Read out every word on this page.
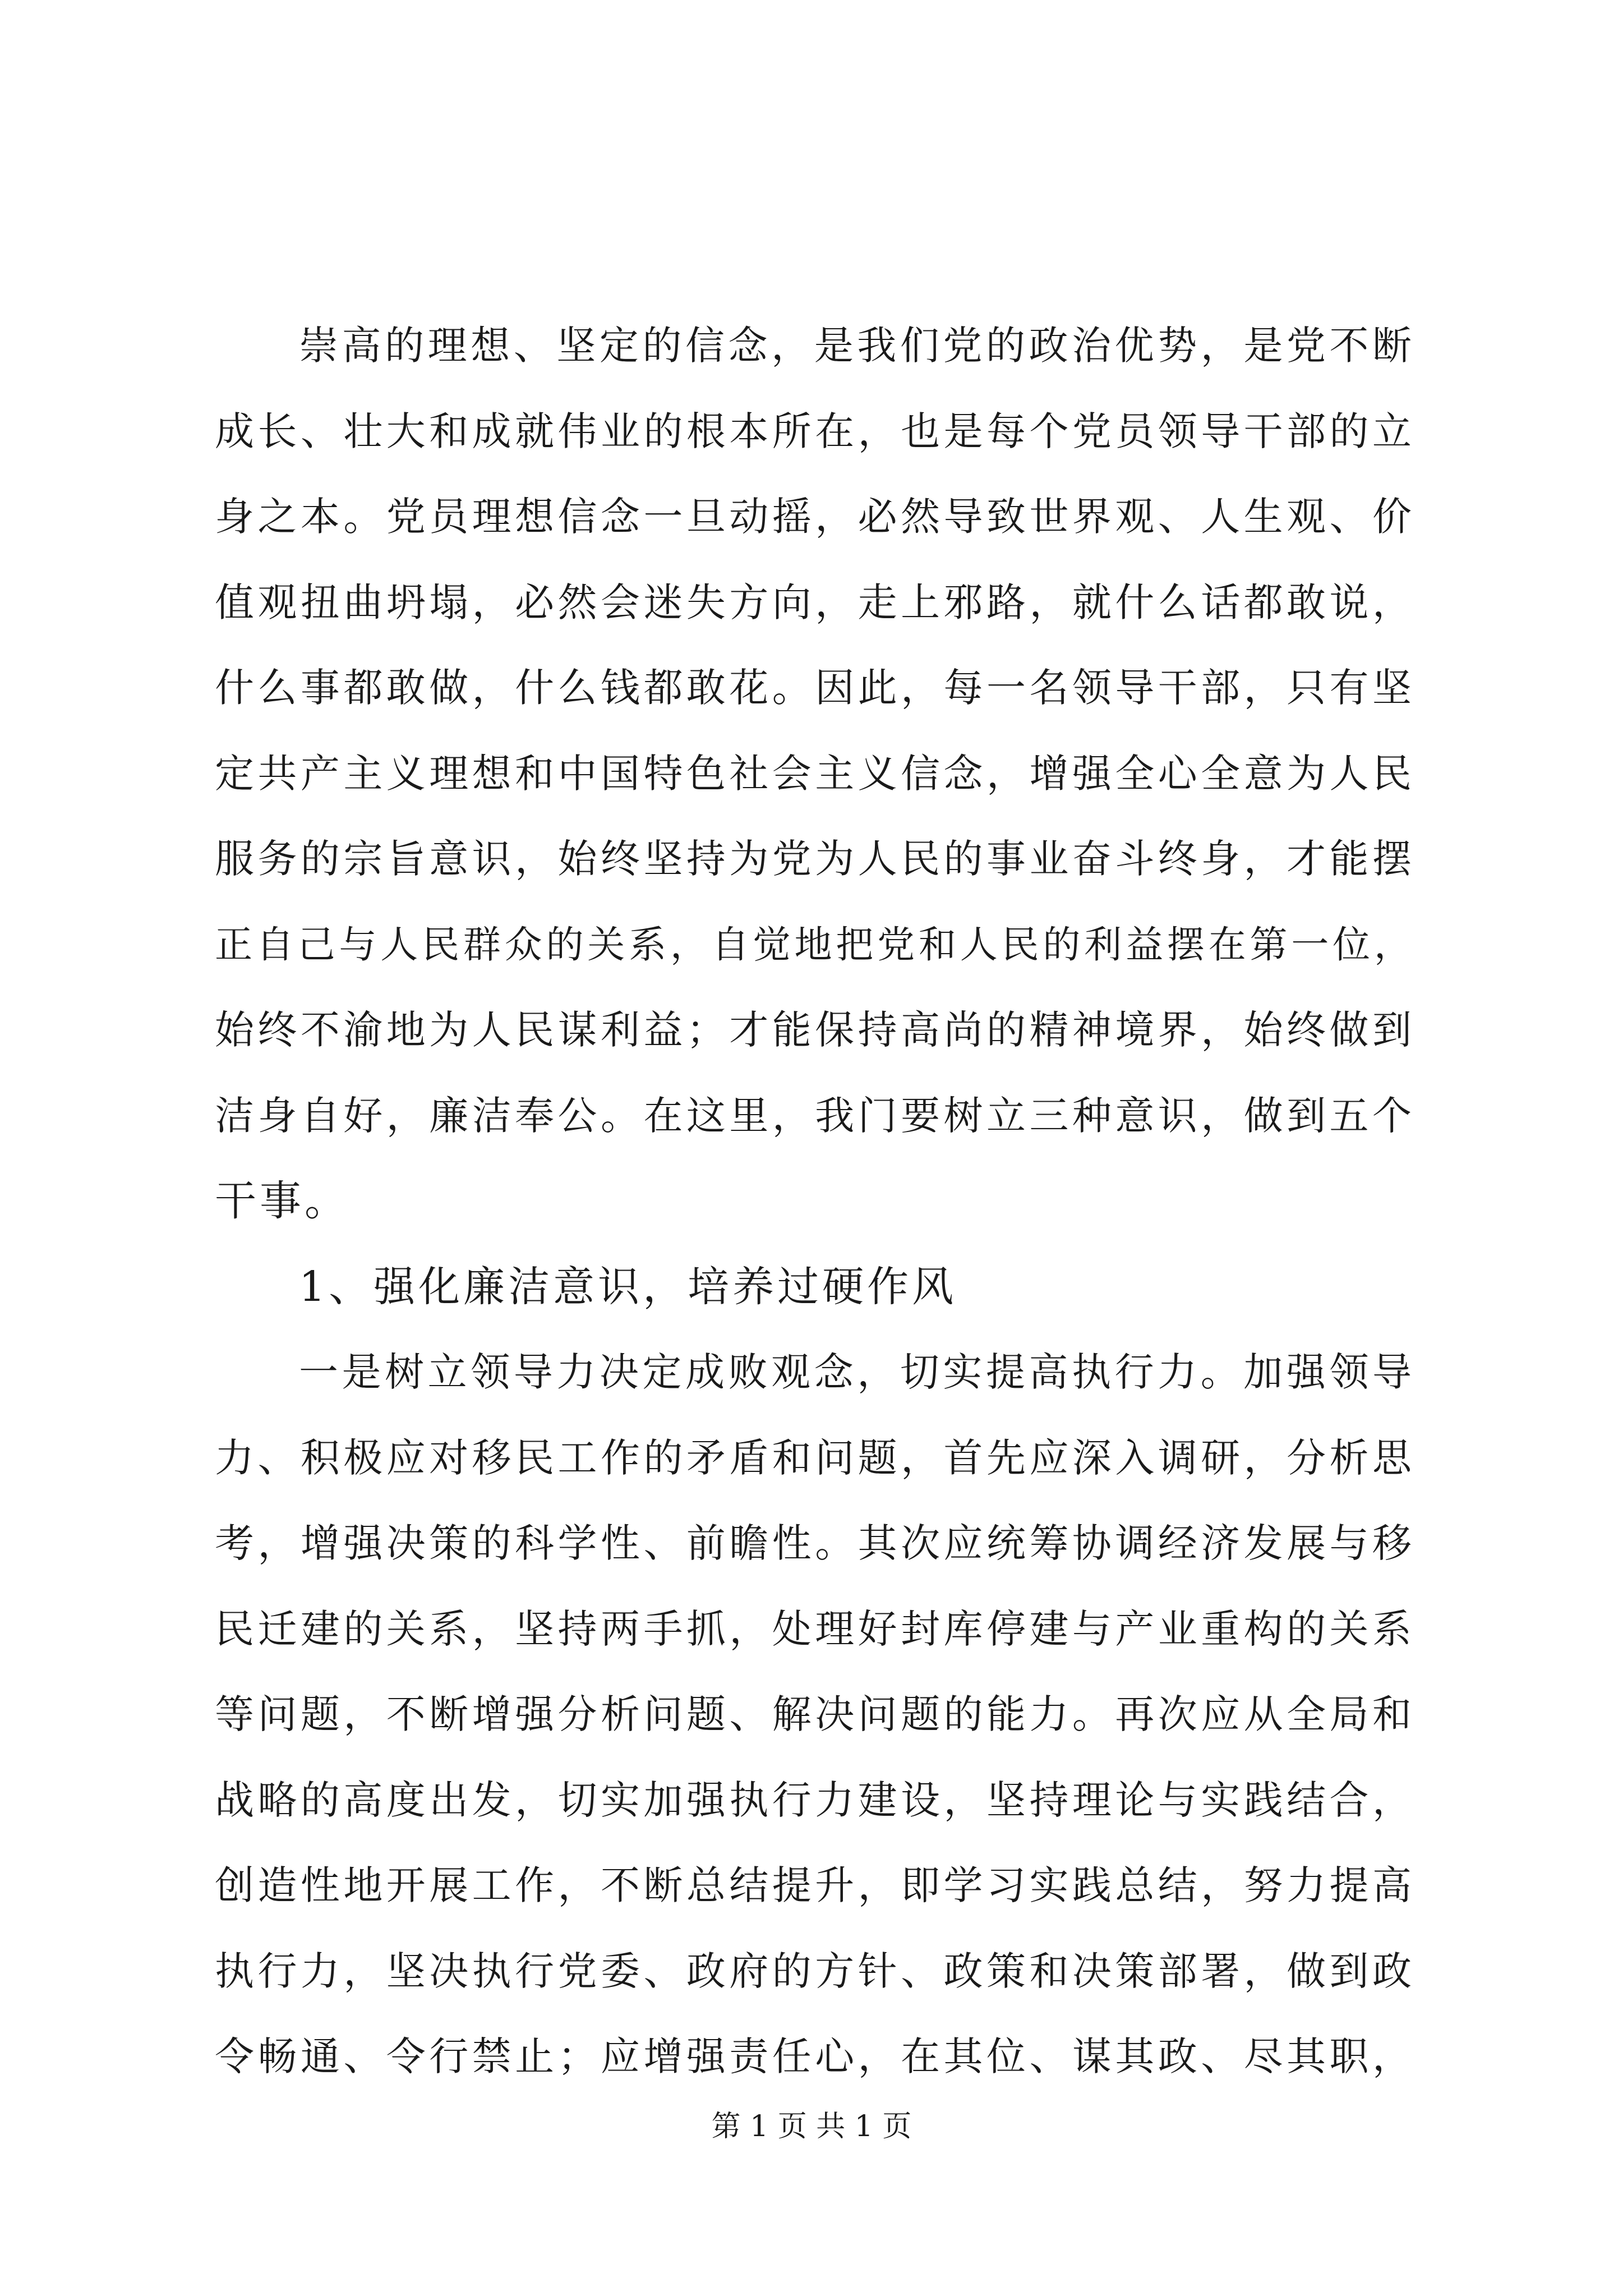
崇高的理想、坚定的信念，是我们党的政治优势，是党不断
成长、壮大和成就伟业的根本所在，也是每个党员领导干部的立
身之本。党员理想信念一旦动摇，必然导致世界观、人生观、价
值观扭曲坍塌，必然会迷失方向，走上邪路，就什么话都敢说，
什么事都敢做，什么钱都敢花。因此，每一名领导干部，只有坚
定共产主义理想和中国特色社会主义信念，增强全心全意为人民
服务的宗旨意识，始终坚持为党为人民的事业奋斗终身，才能摆
正自己与人民群众的关系，自觉地把党和人民的利益摆在第一位，
始终不渝地为人民谋利益；才能保持高尚的精神境界，始终做到
洁身自好，廉洁奉公。在这里，我门要树立三种意识，做到五个
干事。
1、强化廉洁意识，培养过硬作风
一是树立领导力决定成败观念，切实提高执行力。加强领导
力、积极应对移民工作的矛盾和问题，首先应深入调研，分析思
考，增强决策的科学性、前瞻性。其次应统筹协调经济发展与移
民迁建的关系，坚持两手抓，处理好封库停建与产业重构的关系
等问题，不断增强分析问题、解决问题的能力。再次应从全局和
战略的高度出发，切实加强执行力建设，坚持理论与实践结合，
创造性地开展工作，不断总结提升，即学习实践总结，努力提高
执行力，坚决执行党委、政府的方针、政策和决策部署，做到政
令畅通、令行禁止；应增强责任心，在其位、谋其政、尽其职，
第 1 页 共 1 页
